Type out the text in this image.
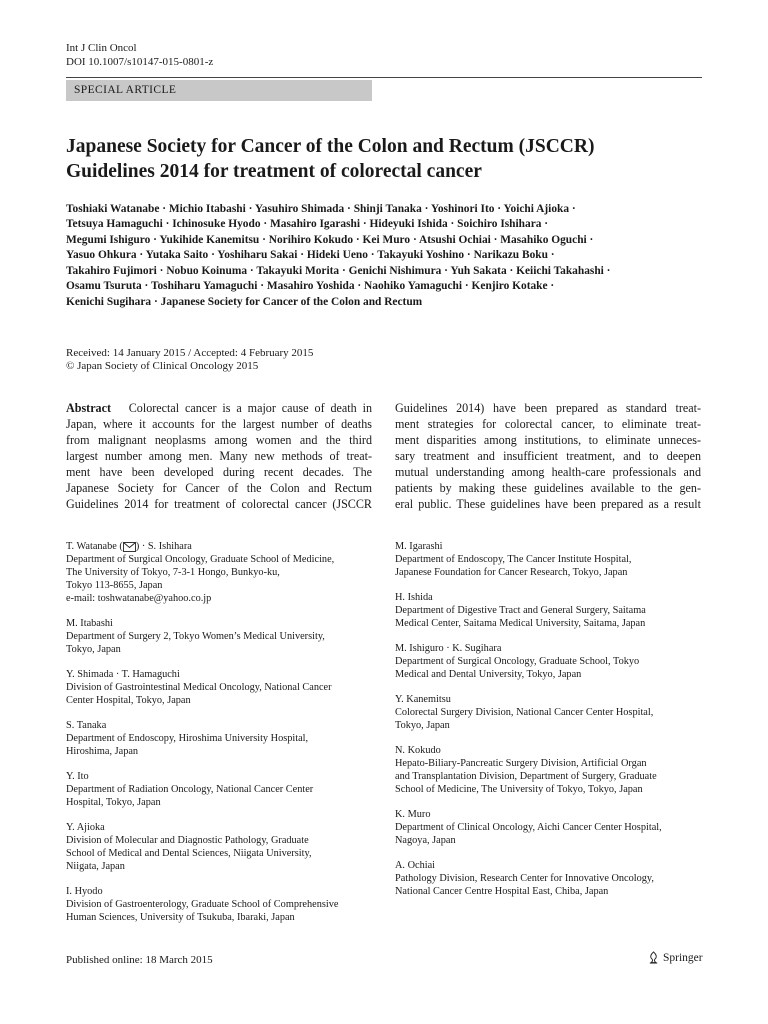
Int J Clin Oncol
DOI 10.1007/s10147-015-0801-z
SPECIAL ARTICLE
Japanese Society for Cancer of the Colon and Rectum (JSCCR)
Guidelines 2014 for treatment of colorectal cancer
Toshiaki Watanabe · Michio Itabashi · Yasuhiro Shimada · Shinji Tanaka · Yoshinori Ito · Yoichi Ajioka ·
Tetsuya Hamaguchi · Ichinosuke Hyodo · Masahiro Igarashi · Hideyuki Ishida · Soichiro Ishihara ·
Megumi Ishiguro · Yukihide Kanemitsu · Norihiro Kokudo · Kei Muro · Atsushi Ochiai · Masahiko Oguchi ·
Yasuo Ohkura · Yutaka Saito · Yoshiharu Sakai · Hideki Ueno · Takayuki Yoshino · Narikazu Boku ·
Takahiro Fujimori · Nobuo Koinuma · Takayuki Morita · Genichi Nishimura · Yuh Sakata · Keiichi Takahashi ·
Osamu Tsuruta · Toshiharu Yamaguchi · Masahiro Yoshida · Naohiko Yamaguchi · Kenjiro Kotake ·
Kenichi Sugihara · Japanese Society for Cancer of the Colon and Rectum
Received: 14 January 2015 / Accepted: 4 February 2015
© Japan Society of Clinical Oncology 2015
Abstract Colorectal cancer is a major cause of death in
Japan, where it accounts for the largest number of deaths
from malignant neoplasms among women and the third
largest number among men. Many new methods of treat-
ment have been developed during recent decades. The
Japanese Society for Cancer of the Colon and Rectum
Guidelines 2014 for treatment of colorectal cancer (JSCCR
Guidelines 2014) have been prepared as standard treat-
ment strategies for colorectal cancer, to eliminate treat-
ment disparities among institutions, to eliminate unneces-
sary treatment and insufficient treatment, and to deepen
mutual understanding among health-care professionals and
patients by making these guidelines available to the gen-
eral public. These guidelines have been prepared as a result
T. Watanabe ( ) · S. Ishihara
Department of Surgical Oncology, Graduate School of Medicine,
The University of Tokyo, 7-3-1 Hongo, Bunkyo-ku,
Tokyo 113-8655, Japan
e-mail: toshwatanabe@yahoo.co.jp
M. Itabashi
Department of Surgery 2, Tokyo Women’s Medical University,
Tokyo, Japan
Y. Shimada · T. Hamaguchi
Division of Gastrointestinal Medical Oncology, National Cancer
Center Hospital, Tokyo, Japan
S. Tanaka
Department of Endoscopy, Hiroshima University Hospital,
Hiroshima, Japan
Y. Ito
Department of Radiation Oncology, National Cancer Center
Hospital, Tokyo, Japan
Y. Ajioka
Division of Molecular and Diagnostic Pathology, Graduate
School of Medical and Dental Sciences, Niigata University,
Niigata, Japan
I. Hyodo
Division of Gastroenterology, Graduate School of Comprehensive
Human Sciences, University of Tsukuba, Ibaraki, Japan
M. Igarashi
Department of Endoscopy, The Cancer Institute Hospital,
Japanese Foundation for Cancer Research, Tokyo, Japan
H. Ishida
Department of Digestive Tract and General Surgery, Saitama
Medical Center, Saitama Medical University, Saitama, Japan
M. Ishiguro · K. Sugihara
Department of Surgical Oncology, Graduate School, Tokyo
Medical and Dental University, Tokyo, Japan
Y. Kanemitsu
Colorectal Surgery Division, National Cancer Center Hospital,
Tokyo, Japan
N. Kokudo
Hepato-Biliary-Pancreatic Surgery Division, Artificial Organ
and Transplantation Division, Department of Surgery, Graduate
School of Medicine, The University of Tokyo, Tokyo, Japan
K. Muro
Department of Clinical Oncology, Aichi Cancer Center Hospital,
Nagoya, Japan
A. Ochiai
Pathology Division, Research Center for Innovative Oncology,
National Cancer Centre Hospital East, Chiba, Japan
Published online: 18 March 2015	Springer
